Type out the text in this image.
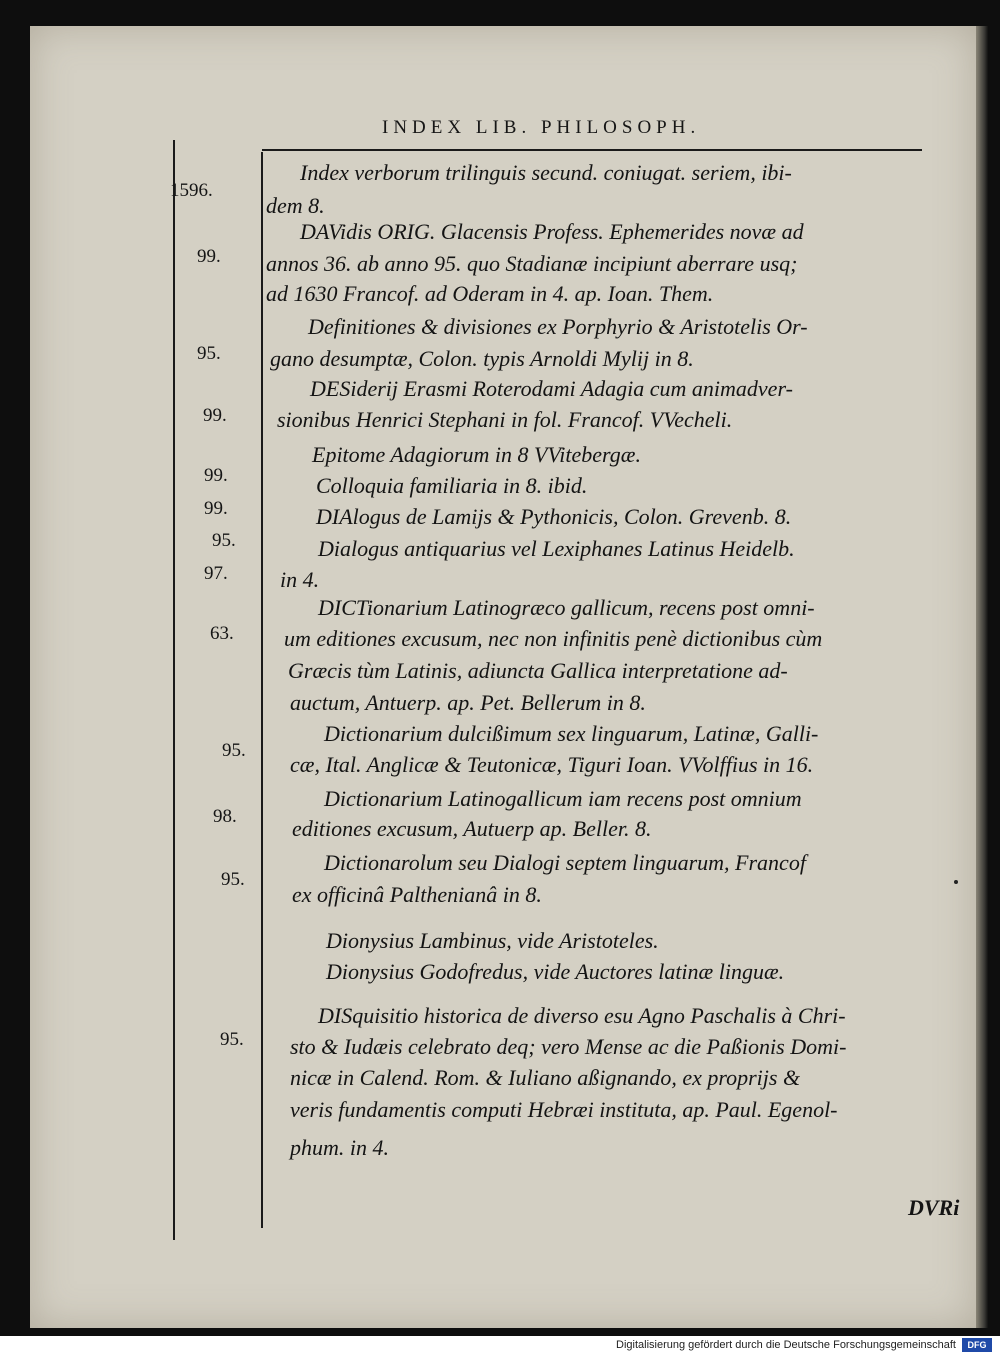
INDEX LIB. PHILOSOPH.
1596.
99.
95.
99.
99.
99.
95.
97.
63.
95.
98.
95.
95.
Index verborum trilinguis secund. coniugat. seriem, ibi-
dem 8.
DAVidis ORIG. Glacensis Profess. Ephemerides novæ ad
annos 36. ab anno 95. quo Stadianæ incipiunt aberrare usq;
ad 1630 Francof. ad Oderam in 4. ap. Ioan. Them.
Definitiones & divisiones ex Porphyrio & Aristotelis Or-
gano desumptæ, Colon. typis Arnoldi Mylij in 8.
DESiderij Erasmi Roterodami Adagia cum animadver-
sionibus Henrici Stephani in fol. Francof. VVecheli.
Epitome Adagiorum in 8 VVitebergæ.
Colloquia familiaria in 8. ibid.
DIAlogus de Lamijs & Pythonicis, Colon. Grevenb. 8.
Dialogus antiquarius vel Lexiphanes Latinus Heidelb.
in 4.
DICTionarium Latinogræco gallicum, recens post omni-
um editiones excusum, nec non infinitis penè dictionibus cùm
Græcis tùm Latinis, adiuncta Gallica interpretatione ad-
auctum, Antuerp. ap. Pet. Bellerum in 8.
Dictionarium dulcißimum sex linguarum, Latinæ, Galli-
cæ, Ital. Anglicæ & Teutonicæ, Tiguri Ioan. VVolffius in 16.
Dictionarium Latinogallicum iam recens post omnium
editiones excusum, Autuerp ap. Beller. 8.
Dictionarolum seu Dialogi septem linguarum, Francof
ex officinâ Palthenianâ in 8.
Dionysius Lambinus, vide Aristoteles.
Dionysius Godofredus, vide Auctores latinæ linguæ.
DISquisitio historica de diverso esu Agno Paschalis à Chri-
sto & Iudæis celebrato deq; vero Mense ac die Paßionis Domi-
nicæ in Calend. Rom. & Iuliano aßignando, ex proprijs &
veris fundamentis computi Hebræi instituta, ap. Paul. Egenol-
phum. in 4.
DVRi
Digitalisierung gefördert durch die Deutsche Forschungsgemeinschaft	DFG
